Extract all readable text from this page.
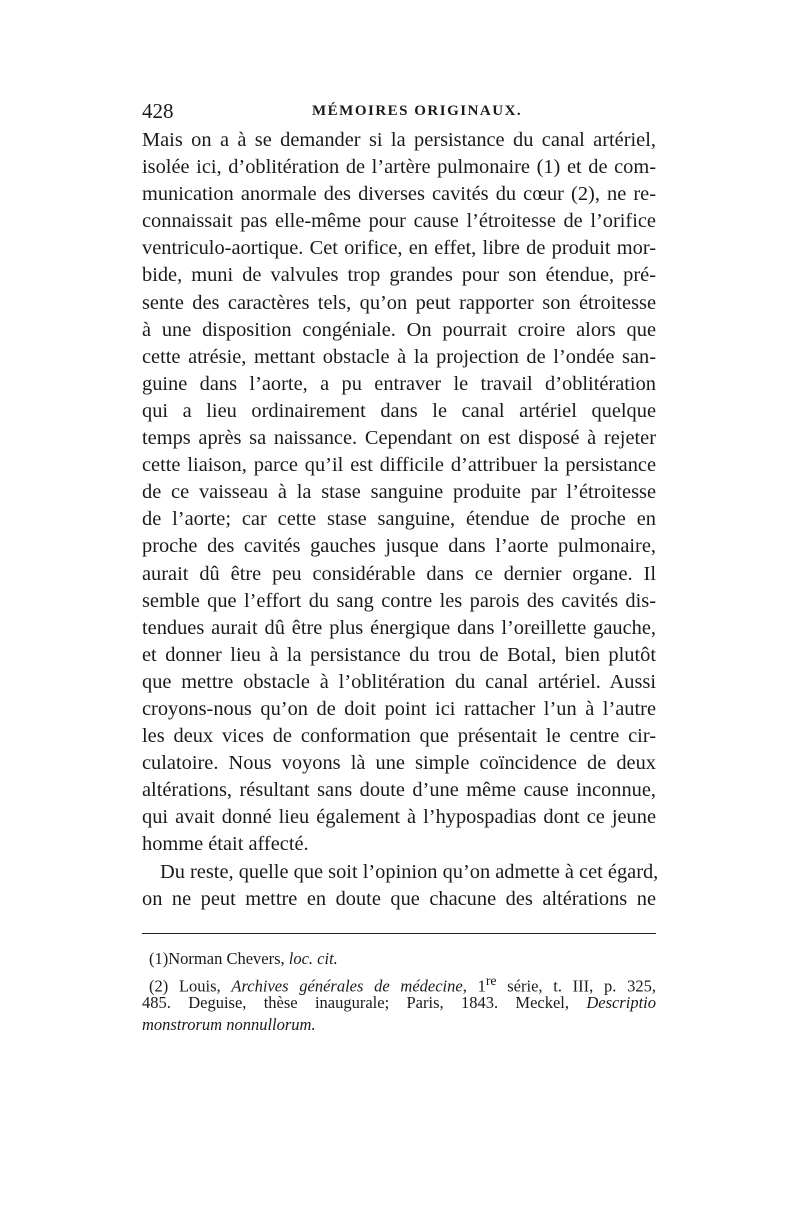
428	MÉMOIRES ORIGINAUX.
Mais on a à se demander si la persistance du canal artériel,
isolée ici, d’oblitération de l’artère pulmonaire (1) et de com-
munication anormale des diverses cavités du cœur (2), ne re-
connaissait pas elle-même pour cause l’étroitesse de l’orifice
ventriculo-aortique. Cet orifice, en effet, libre de produit mor-
bide, muni de valvules trop grandes pour son étendue, pré-
sente des caractères tels, qu’on peut rapporter son étroitesse
à une disposition congéniale. On pourrait croire alors que
cette atrésie, mettant obstacle à la projection de l’ondée san-
guine dans l’aorte, a pu entraver le travail d’oblitération
qui a lieu ordinairement dans le canal artériel quelque
temps après sa naissance. Cependant on est disposé à rejeter
cette liaison, parce qu’il est difficile d’attribuer la persistance
de ce vaisseau à la stase sanguine produite par l’étroitesse
de l’aorte; car cette stase sanguine, étendue de proche en
proche des cavités gauches jusque dans l’aorte pulmonaire,
aurait dû être peu considérable dans ce dernier organe. Il
semble que l’effort du sang contre les parois des cavités dis-
tendues aurait dû être plus énergique dans l’oreillette gauche,
et donner lieu à la persistance du trou de Botal, bien plutôt
que mettre obstacle à l’oblitération du canal artériel. Aussi
croyons-nous qu’on de doit point ici rattacher l’un à l’autre
les deux vices de conformation que présentait le centre cir-
culatoire. Nous voyons là une simple coïncidence de deux
altérations, résultant sans doute d’une même cause inconnue,
qui avait donné lieu également à l’hypospadias dont ce jeune
homme était affecté.
Du reste, quelle que soit l’opinion qu’on admette à cet égard,
on ne peut mettre en doute que chacune des altérations ne
(1)Norman Chevers, loc. cit.
(2) Louis, Archives générales de médecine, 1re série, t. III, p. 325,
485. Deguise, thèse inaugurale; Paris, 1843. Meckel, Descriptio
monstrorum nonnullorum.
